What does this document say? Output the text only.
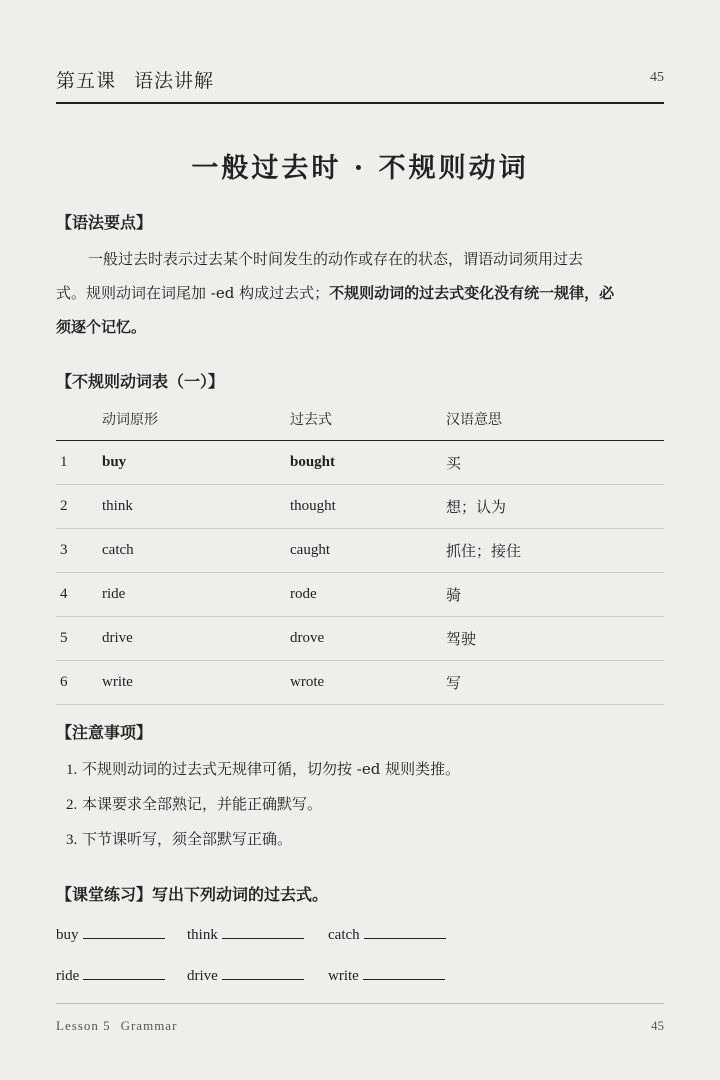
第五课 语法讲解	45
一般过去时 · 不规则动词
【语法要点】
一般过去时表示过去某个时间发生的动作或存在的状态，谓语动词须用过去
式。规则动词在词尾加 -ed 构成过去式；不规则动词的过去式变化没有统一规律，必
须逐个记忆。
【不规则动词表（一）】
	动词原形	过去式	汉语意思
1	buy	bought	买
2	think	thought	想；认为
3	catch	caught	抓住；接住
4	ride	rode	骑
5	drive	drove	驾驶
6	write	wrote	写
【注意事项】
1. 不规则动词的过去式无规律可循，切勿按 -ed 规则类推。
2. 本课要求全部熟记，并能正确默写。
3. 下节课听写，须全部默写正确。
【课堂练习】写出下列动词的过去式。
buy	think	catch
ride	drive	write
Lesson 5 Grammar	45
